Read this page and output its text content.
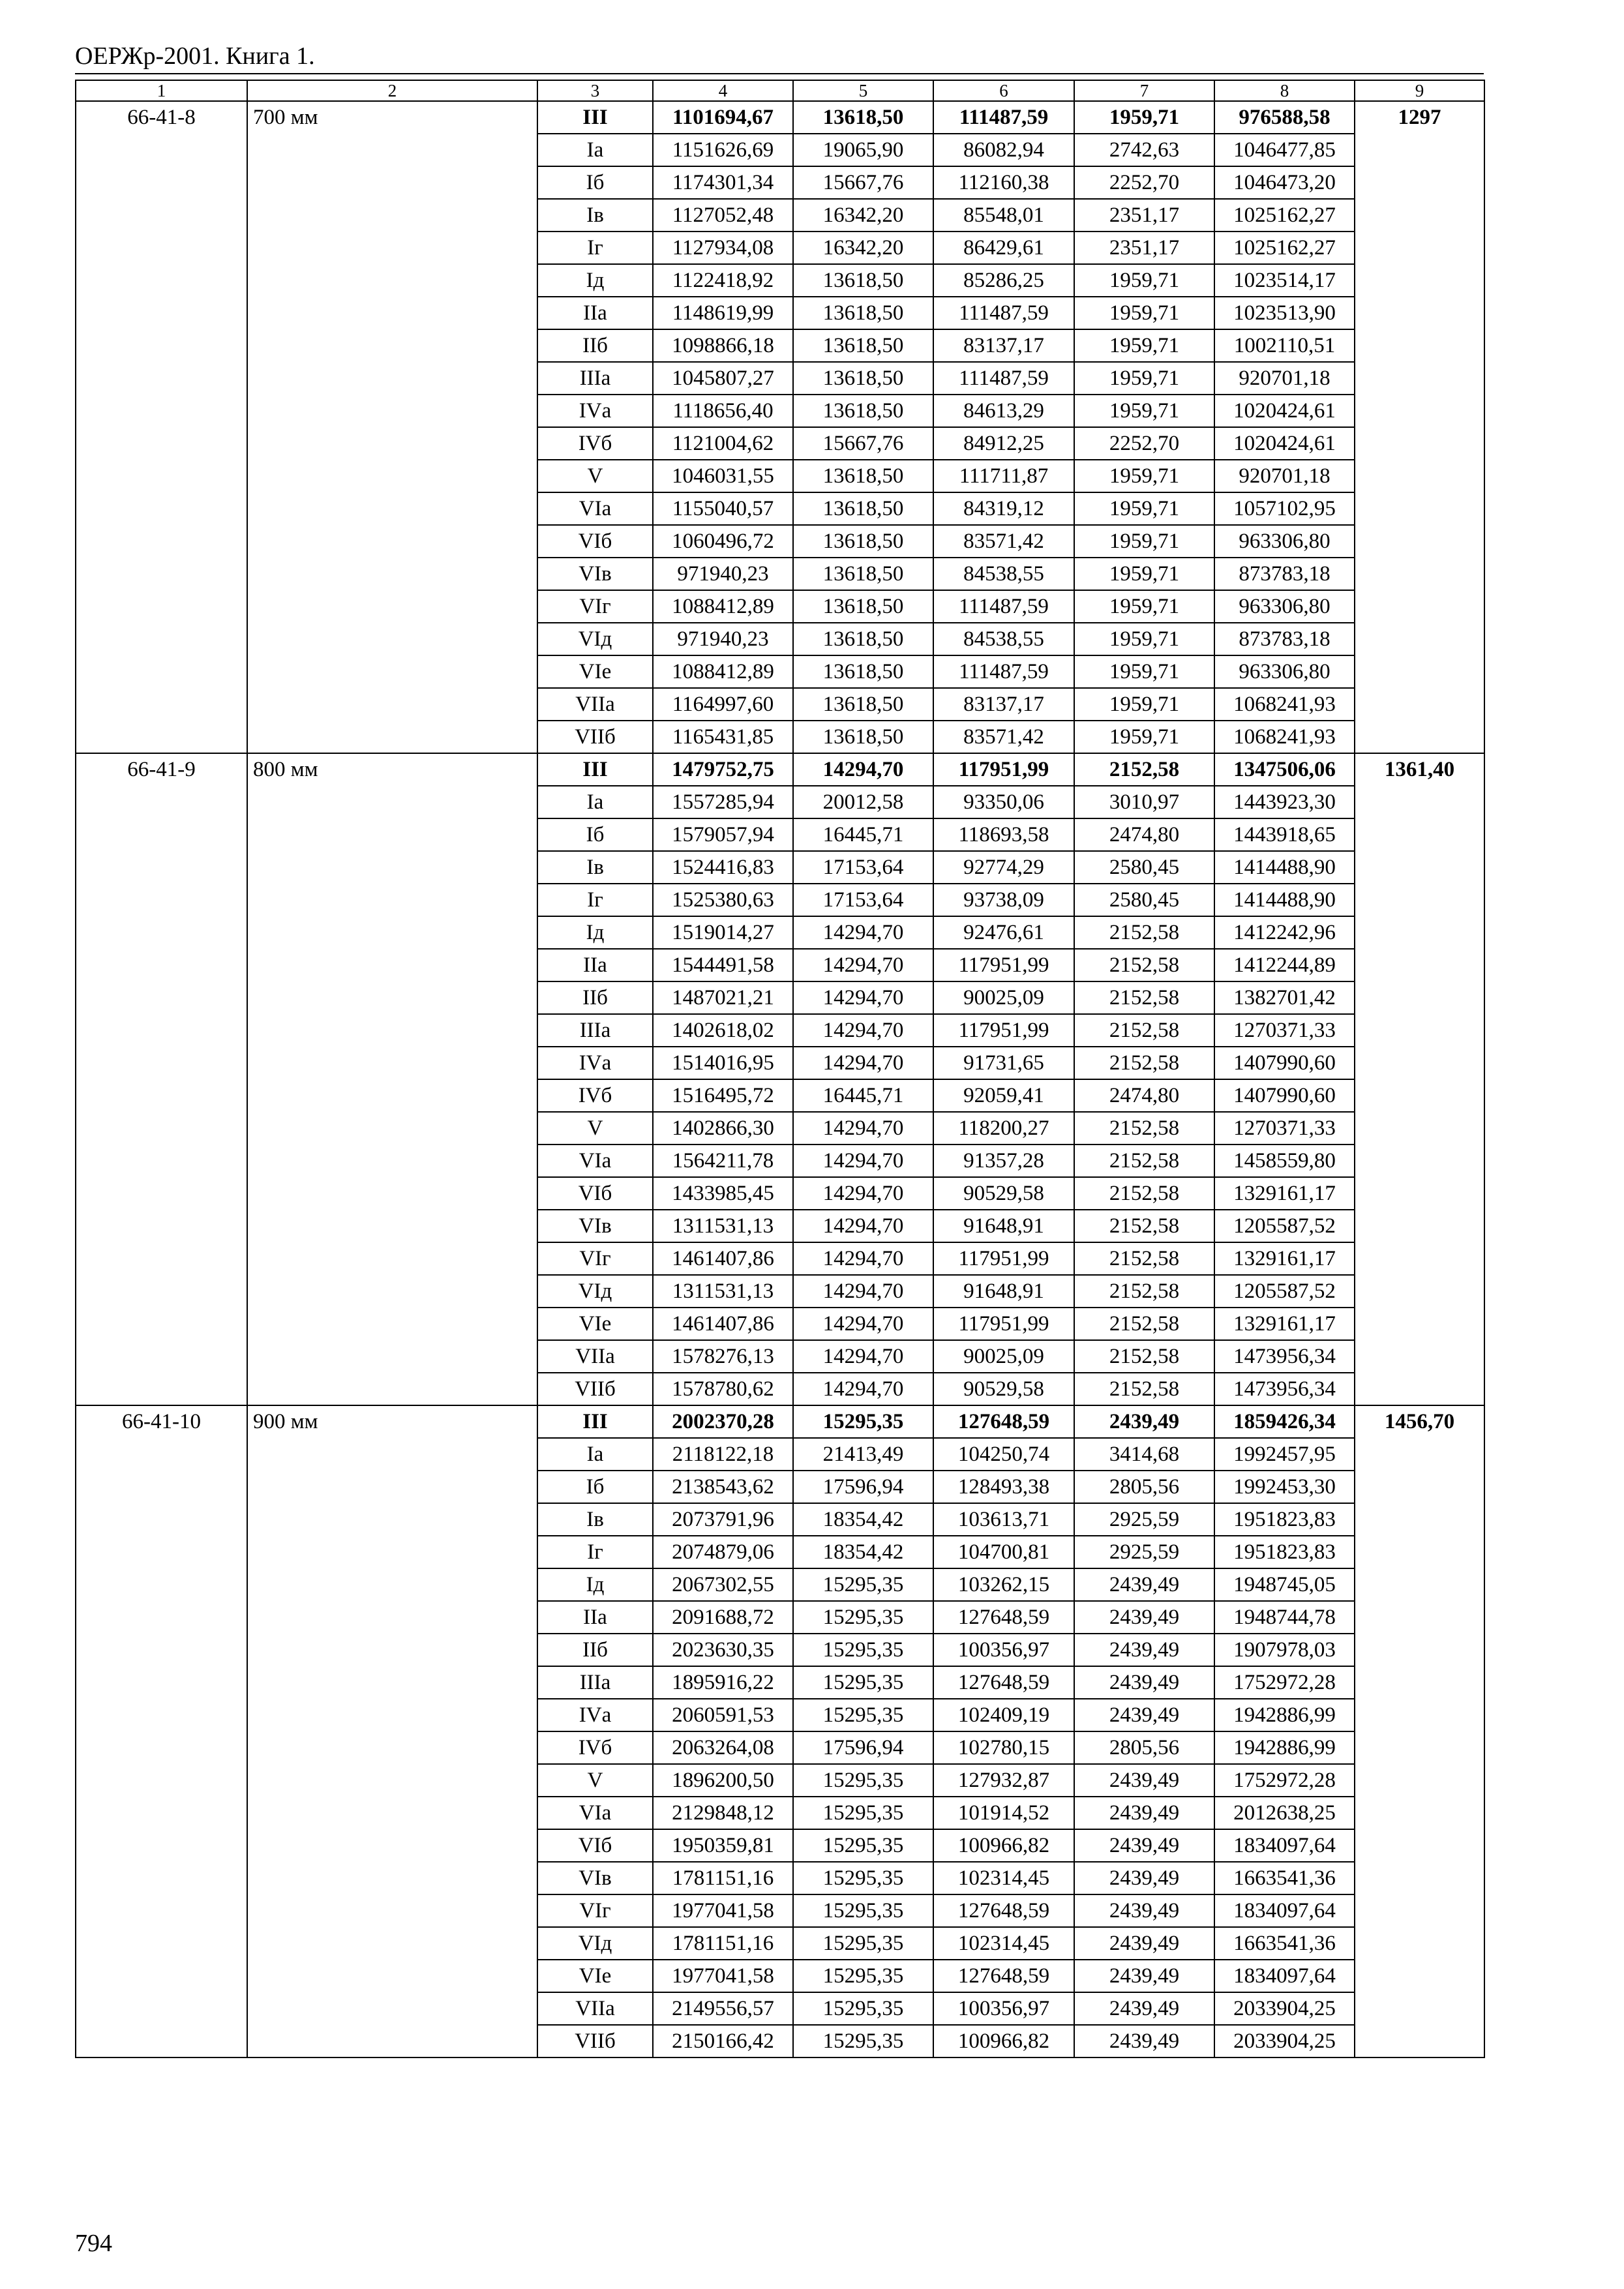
ОЕРЖр-2001. Книга 1.
1	2	3	4	5	6	7	8	9
66-41-8	700 мм	III	1101694,67	13618,50	111487,59	1959,71	976588,58	1297
		Iа	1151626,69	19065,90	86082,94	2742,63	1046477,85	
		Iб	1174301,34	15667,76	112160,38	2252,70	1046473,20	
		Iв	1127052,48	16342,20	85548,01	2351,17	1025162,27	
		Iг	1127934,08	16342,20	86429,61	2351,17	1025162,27	
		Iд	1122418,92	13618,50	85286,25	1959,71	1023514,17	
		IIа	1148619,99	13618,50	111487,59	1959,71	1023513,90	
		IIб	1098866,18	13618,50	83137,17	1959,71	1002110,51	
		IIIа	1045807,27	13618,50	111487,59	1959,71	920701,18	
		IVа	1118656,40	13618,50	84613,29	1959,71	1020424,61	
		IVб	1121004,62	15667,76	84912,25	2252,70	1020424,61	
		V	1046031,55	13618,50	111711,87	1959,71	920701,18	
		VIа	1155040,57	13618,50	84319,12	1959,71	1057102,95	
		VIб	1060496,72	13618,50	83571,42	1959,71	963306,80	
		VIв	971940,23	13618,50	84538,55	1959,71	873783,18	
		VIг	1088412,89	13618,50	111487,59	1959,71	963306,80	
		VIд	971940,23	13618,50	84538,55	1959,71	873783,18	
		VIе	1088412,89	13618,50	111487,59	1959,71	963306,80	
		VIIа	1164997,60	13618,50	83137,17	1959,71	1068241,93	
		VIIб	1165431,85	13618,50	83571,42	1959,71	1068241,93	
66-41-9	800 мм	III	1479752,75	14294,70	117951,99	2152,58	1347506,06	1361,40
		Iа	1557285,94	20012,58	93350,06	3010,97	1443923,30	
		Iб	1579057,94	16445,71	118693,58	2474,80	1443918,65	
		Iв	1524416,83	17153,64	92774,29	2580,45	1414488,90	
		Iг	1525380,63	17153,64	93738,09	2580,45	1414488,90	
		Iд	1519014,27	14294,70	92476,61	2152,58	1412242,96	
		IIа	1544491,58	14294,70	117951,99	2152,58	1412244,89	
		IIб	1487021,21	14294,70	90025,09	2152,58	1382701,42	
		IIIа	1402618,02	14294,70	117951,99	2152,58	1270371,33	
		IVа	1514016,95	14294,70	91731,65	2152,58	1407990,60	
		IVб	1516495,72	16445,71	92059,41	2474,80	1407990,60	
		V	1402866,30	14294,70	118200,27	2152,58	1270371,33	
		VIа	1564211,78	14294,70	91357,28	2152,58	1458559,80	
		VIб	1433985,45	14294,70	90529,58	2152,58	1329161,17	
		VIв	1311531,13	14294,70	91648,91	2152,58	1205587,52	
		VIг	1461407,86	14294,70	117951,99	2152,58	1329161,17	
		VIд	1311531,13	14294,70	91648,91	2152,58	1205587,52	
		VIе	1461407,86	14294,70	117951,99	2152,58	1329161,17	
		VIIа	1578276,13	14294,70	90025,09	2152,58	1473956,34	
		VIIб	1578780,62	14294,70	90529,58	2152,58	1473956,34	
66-41-10	900 мм	III	2002370,28	15295,35	127648,59	2439,49	1859426,34	1456,70
		Iа	2118122,18	21413,49	104250,74	3414,68	1992457,95	
		Iб	2138543,62	17596,94	128493,38	2805,56	1992453,30	
		Iв	2073791,96	18354,42	103613,71	2925,59	1951823,83	
		Iг	2074879,06	18354,42	104700,81	2925,59	1951823,83	
		Iд	2067302,55	15295,35	103262,15	2439,49	1948745,05	
		IIа	2091688,72	15295,35	127648,59	2439,49	1948744,78	
		IIб	2023630,35	15295,35	100356,97	2439,49	1907978,03	
		IIIа	1895916,22	15295,35	127648,59	2439,49	1752972,28	
		IVа	2060591,53	15295,35	102409,19	2439,49	1942886,99	
		IVб	2063264,08	17596,94	102780,15	2805,56	1942886,99	
		V	1896200,50	15295,35	127932,87	2439,49	1752972,28	
		VIа	2129848,12	15295,35	101914,52	2439,49	2012638,25	
		VIб	1950359,81	15295,35	100966,82	2439,49	1834097,64	
		VIв	1781151,16	15295,35	102314,45	2439,49	1663541,36	
		VIг	1977041,58	15295,35	127648,59	2439,49	1834097,64	
		VIд	1781151,16	15295,35	102314,45	2439,49	1663541,36	
		VIе	1977041,58	15295,35	127648,59	2439,49	1834097,64	
		VIIа	2149556,57	15295,35	100356,97	2439,49	2033904,25	
		VIIб	2150166,42	15295,35	100966,82	2439,49	2033904,25	
794
